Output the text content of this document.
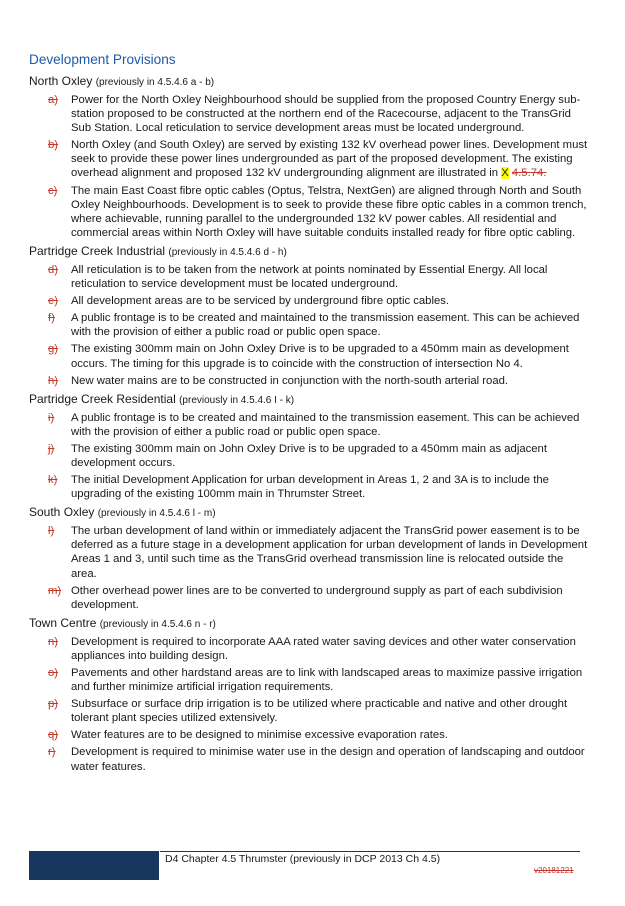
Development Provisions
North Oxley (previously in 4.5.4.6 a - b)
a) Power for the North Oxley Neighbourhood should be supplied from the proposed Country Energy sub-station proposed to be constructed at the northern end of the Racecourse, adjacent to the TransGrid Sub Station. Local reticulation to service development areas must be located underground.
b) North Oxley (and South Oxley) are served by existing 132 kV overhead power lines. Development must seek to provide these power lines undergrounded as part of the proposed development. The existing overhead alignment and proposed 132 kV undergrounding alignment are illustrated in X 4.5.74.
c) The main East Coast fibre optic cables (Optus, Telstra, NextGen) are aligned through North and South Oxley Neighbourhoods. Development is to seek to provide these fibre optic cables in a common trench, where achievable, running parallel to the undergrounded 132 kV power cables. All residential and commercial areas within North Oxley will have suitable conduits installed ready for fibre optic cabling.
Partridge Creek Industrial (previously in 4.5.4.6 d - h)
d) All reticulation is to be taken from the network at points nominated by Essential Energy. All local reticulation to service development must be located underground.
e) All development areas are to be serviced by underground fibre optic cables.
f) A public frontage is to be created and maintained to the transmission easement. This can be achieved with the provision of either a public road or public open space.
g) The existing 300mm main on John Oxley Drive is to be upgraded to a 450mm main as development occurs. The timing for this upgrade is to coincide with the construction of intersection No 4.
h) New water mains are to be constructed in conjunction with the north-south arterial road.
Partridge Creek Residential (previously in 4.5.4.6 I - k)
i) A public frontage is to be created and maintained to the transmission easement. This can be achieved with the provision of either a public road or public open space.
j) The existing 300mm main on John Oxley Drive is to be upgraded to a 450mm main as adjacent development occurs.
k) The initial Development Application for urban development in Areas 1, 2 and 3A is to include the upgrading of the existing 100mm main in Thrumster Street.
South Oxley (previously in 4.5.4.6 l - m)
l) The urban development of land within or immediately adjacent the TransGrid power easement is to be deferred as a future stage in a development application for urban development of lands in Development Areas 1 and 3, until such time as the TransGrid overhead transmission line is relocated outside the area.
m) Other overhead power lines are to be converted to underground supply as part of each subdivision development.
Town Centre (previously in 4.5.4.6 n - r)
n) Development is required to incorporate AAA rated water saving devices and other water conservation appliances into building design.
o) Pavements and other hardstand areas are to link with landscaped areas to maximize passive irrigation and further minimize artificial irrigation requirements.
p) Subsurface or surface drip irrigation is to be utilized where practicable and native and other drought tolerant plant species utilized extensively.
q) Water features are to be designed to minimise excessive evaporation rates.
r) Development is required to minimise water use in the design and operation of landscaping and outdoor water features.
D4 Chapter 4.5 Thrumster (previously in DCP 2013 Ch 4.5)
v20181221
